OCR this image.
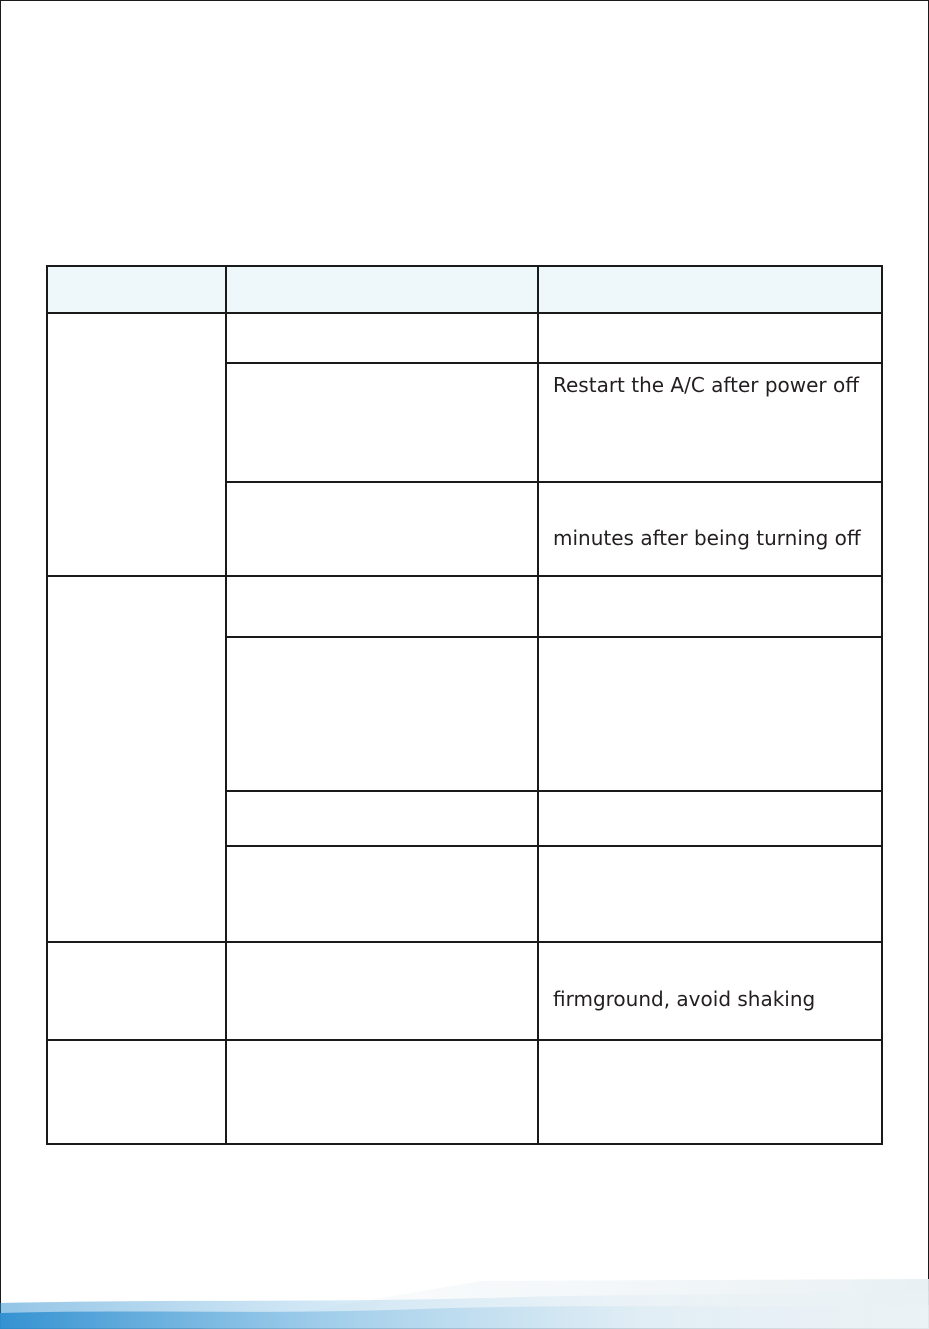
Restart the A/C after power off
minutes after being turning off
firmground, avoid shaking
